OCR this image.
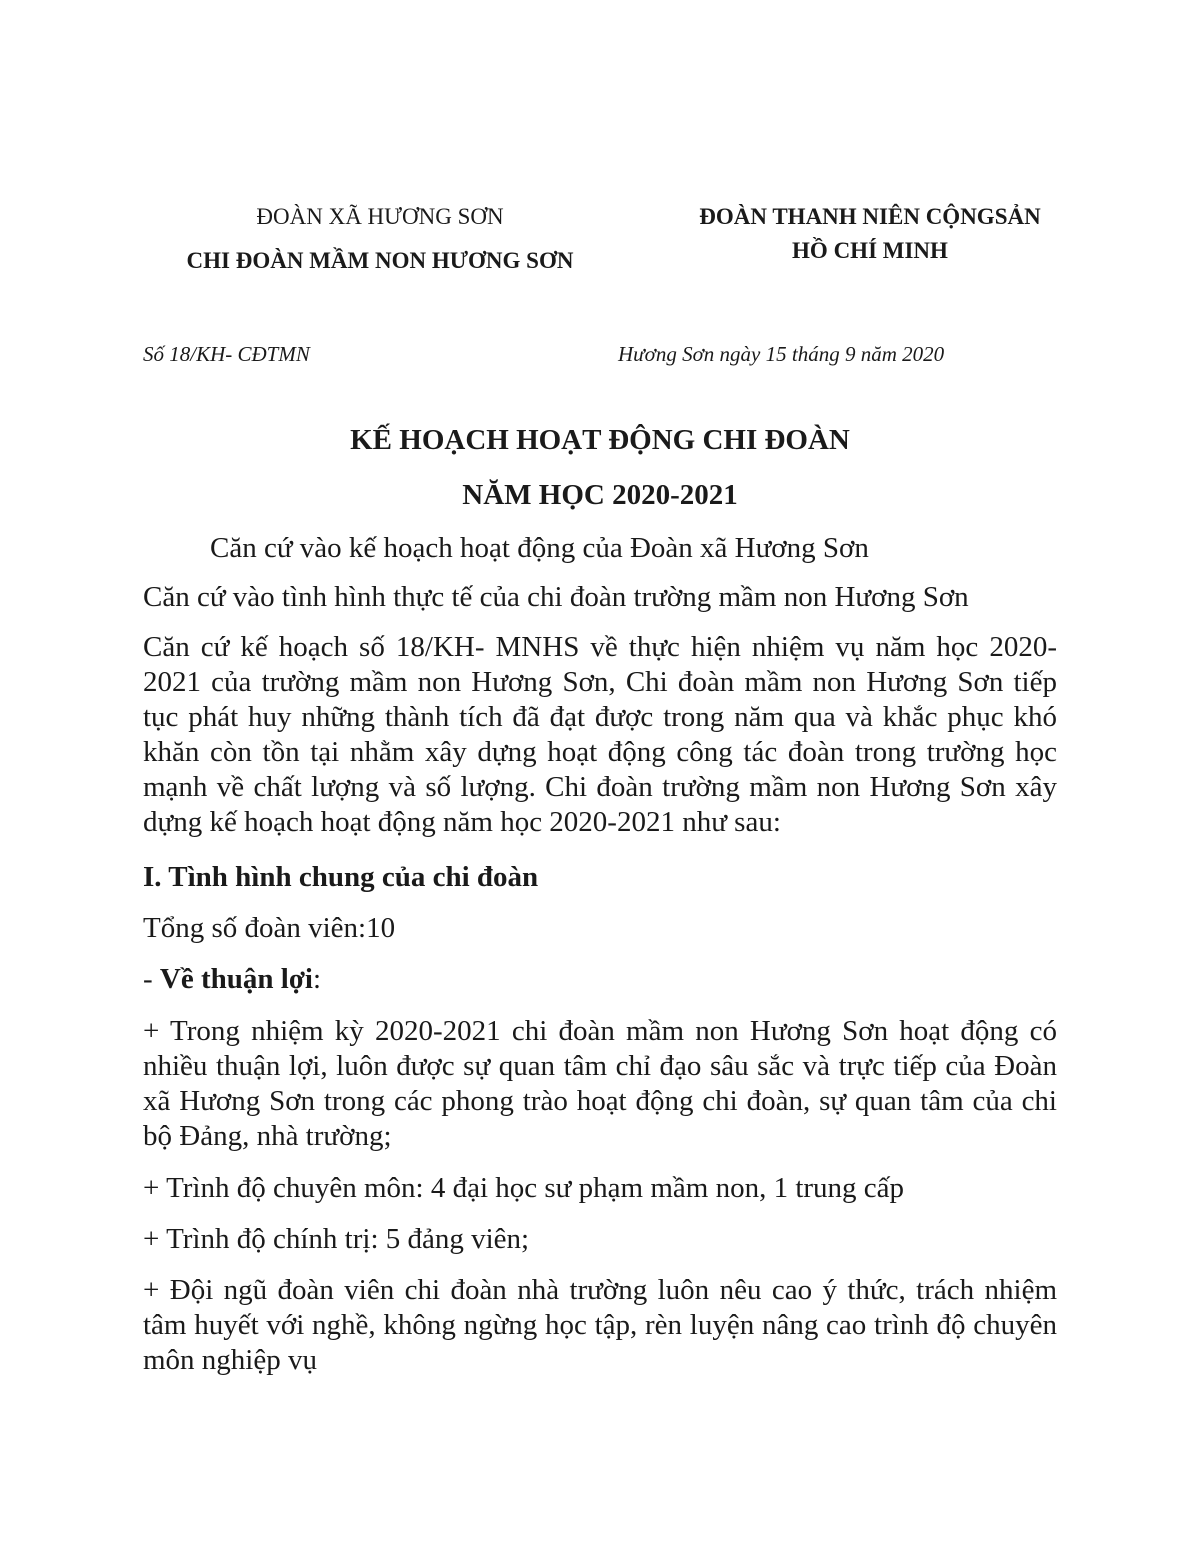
ĐOÀN XÃ HƯƠNG SƠN

CHI ĐOÀN MẦM NON HƯƠNG SƠN

ĐOÀN THANH NIÊN CỘNGSẢN

HỒ CHÍ MINH

Số 18/KH- CĐTMN	Hương Sơn ngày 15 tháng 9 năm 2020

KẾ HOẠCH HOẠT ĐỘNG CHI ĐOÀN
NĂM HỌC 2020-2021

Căn cứ vào kế hoạch hoạt động của Đoàn xã Hương Sơn

Căn cứ vào tình hình thực tế của chi đoàn trường mầm non Hương Sơn

Căn cứ kế hoạch số 18/KH- MNHS về thực hiện nhiệm vụ năm học 2020-2021 của trường mầm non Hương Sơn, Chi đoàn mầm non Hương Sơn tiếp tục phát huy những thành tích đã đạt được trong năm qua và khắc phục khó khăn còn tồn tại nhằm xây dựng hoạt động công tác đoàn trong trường học mạnh về chất lượng và số lượng. Chi đoàn trường mầm non Hương Sơn xây dựng kế hoạch hoạt động năm học 2020-2021 như sau:

I. Tình hình chung của chi đoàn

Tổng số đoàn viên:10

- Về thuận lợi:

+ Trong nhiệm kỳ 2020-2021 chi đoàn mầm non Hương Sơn hoạt động có nhiều thuận lợi, luôn được sự quan tâm chỉ đạo sâu sắc và trực tiếp của Đoàn xã Hương Sơn trong các phong trào hoạt động chi đoàn, sự quan tâm của chi bộ Đảng, nhà trường;

+ Trình độ chuyên môn: 4 đại học sư phạm mầm non, 1 trung cấp

+ Trình độ chính trị: 5 đảng viên;

+ Đội ngũ đoàn viên chi đoàn nhà trường luôn nêu cao ý thức, trách nhiệm tâm huyết với nghề, không ngừng học tập, rèn luyện nâng cao trình độ chuyên môn nghiệp vụ
